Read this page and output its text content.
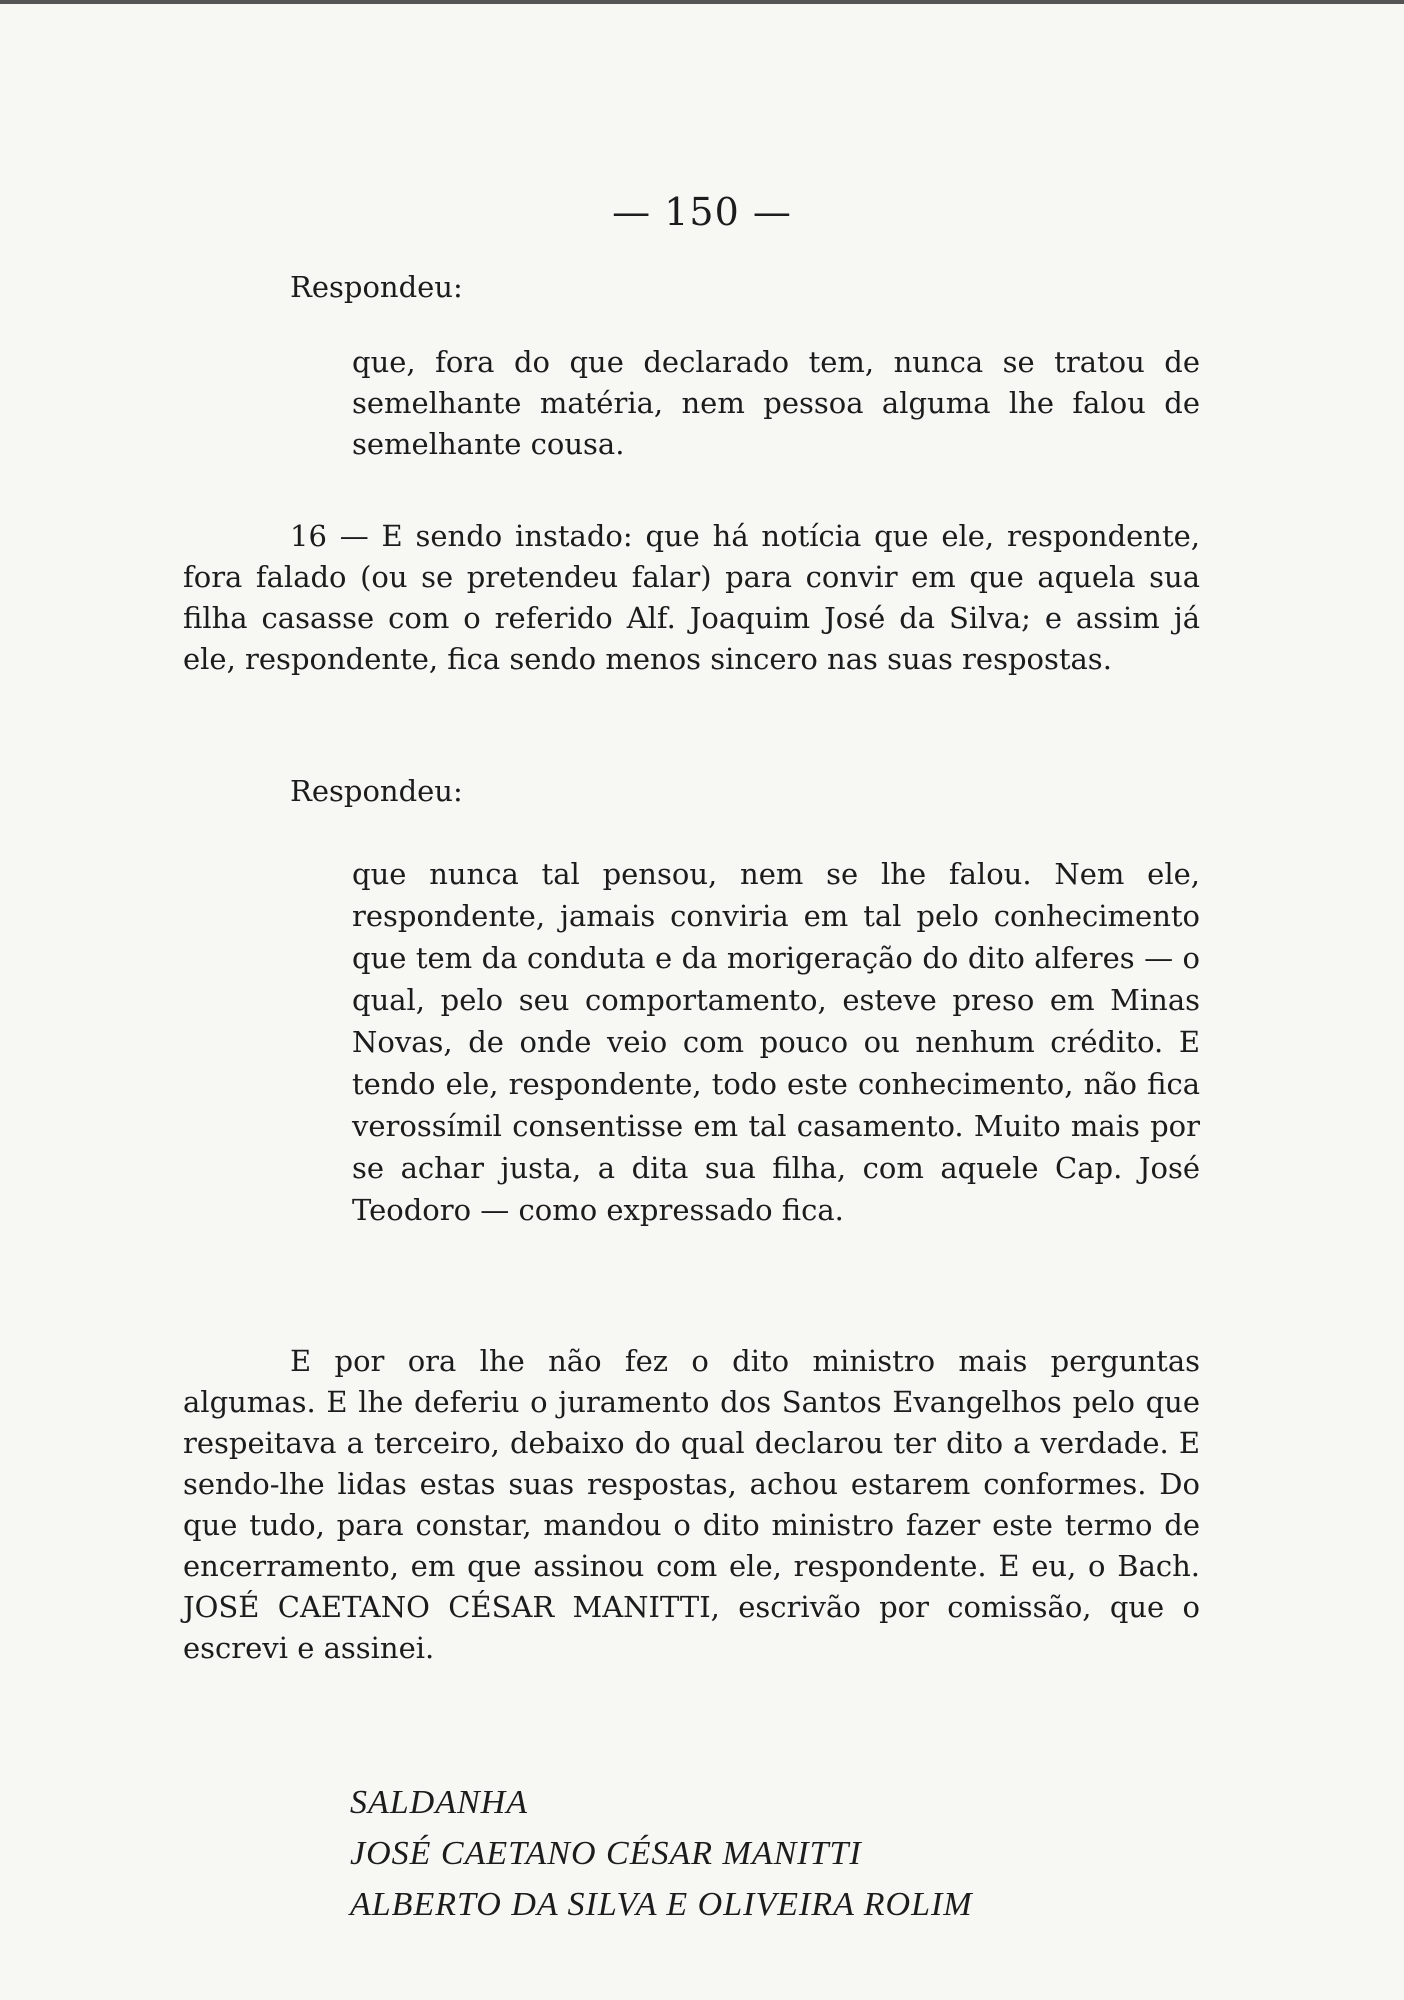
— 150 —

Respondeu:

que, fora do que declarado tem, nunca se tratou de semelhante matéria, nem pessoa alguma lhe falou de semelhante cousa.

16 — E sendo instado: que há notícia que ele, respondente, fora falado (ou se pretendeu falar) para convir em que aquela sua filha casasse com o referido Alf. Joaquim José da Silva; e assim já ele, respondente, fica sendo menos sincero nas suas respostas.

Respondeu:

que nunca tal pensou, nem se lhe falou. Nem ele, respondente, jamais conviria em tal pelo conhecimento que tem da conduta e da morigeração do dito alferes — o qual, pelo seu comportamento, esteve preso em Minas Novas, de onde veio com pouco ou nenhum crédito. E tendo ele, respondente, todo este conhecimento, não fica verossímil consentisse em tal casamento. Muito mais por se achar justa, a dita sua filha, com aquele Cap. José Teodoro — como expressado fica.

E por ora lhe não fez o dito ministro mais perguntas algumas. E lhe deferiu o juramento dos Santos Evangelhos pelo que respeitava a terceiro, debaixo do qual declarou ter dito a verdade. E sendo-lhe lidas estas suas respostas, achou estarem conformes. Do que tudo, para constar, mandou o dito ministro fazer este termo de encerramento, em que assinou com ele, respondente. E eu, o Bach. JOSÉ CAETANO CÉSAR MANITTI, escrivão por comissão, que o escrevi e assinei.

SALDANHA

JOSÉ CAETANO CÉSAR MANITTI

ALBERTO DA SILVA E OLIVEIRA ROLIM
